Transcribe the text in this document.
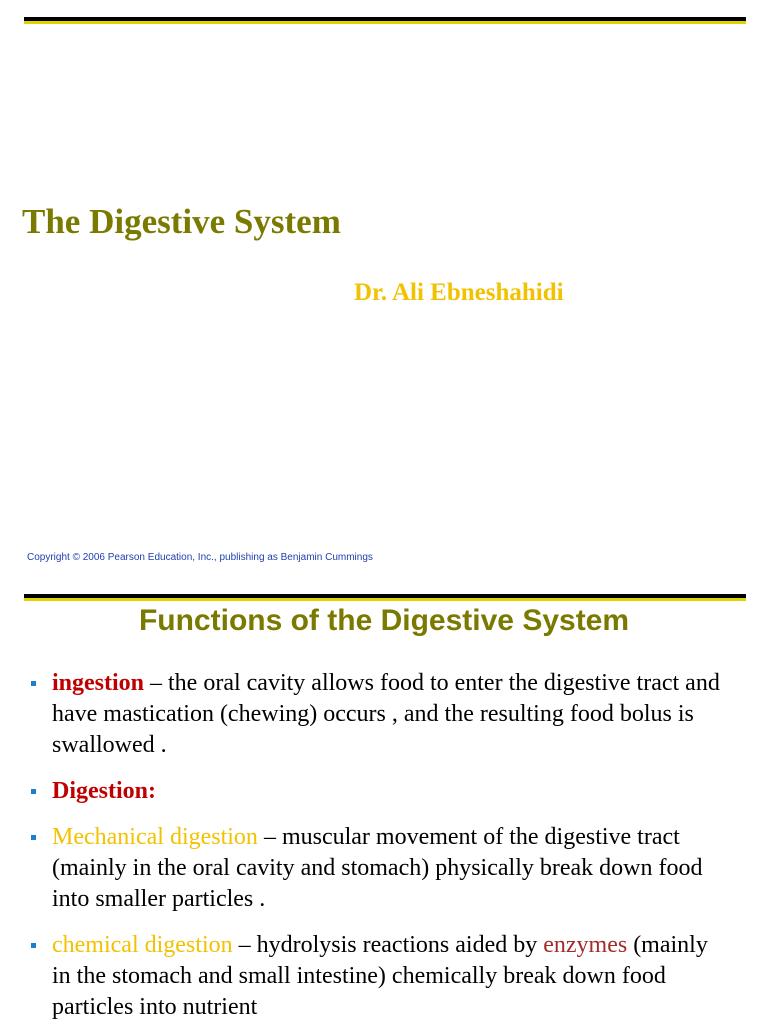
The Digestive System
Dr. Ali Ebneshahidi
Copyright © 2006 Pearson Education, Inc., publishing as Benjamin Cummings
Functions of the Digestive System
ingestion – the oral cavity allows food to enter the digestive tract and have mastication (chewing) occurs , and the resulting food bolus is swallowed .
Digestion:
Mechanical digestion – muscular movement of the digestive tract (mainly in the oral cavity and stomach) physically break down food into smaller particles .
chemical digestion – hydrolysis reactions aided by enzymes (mainly in the stomach and small intestine) chemically break down food particles into nutrient
